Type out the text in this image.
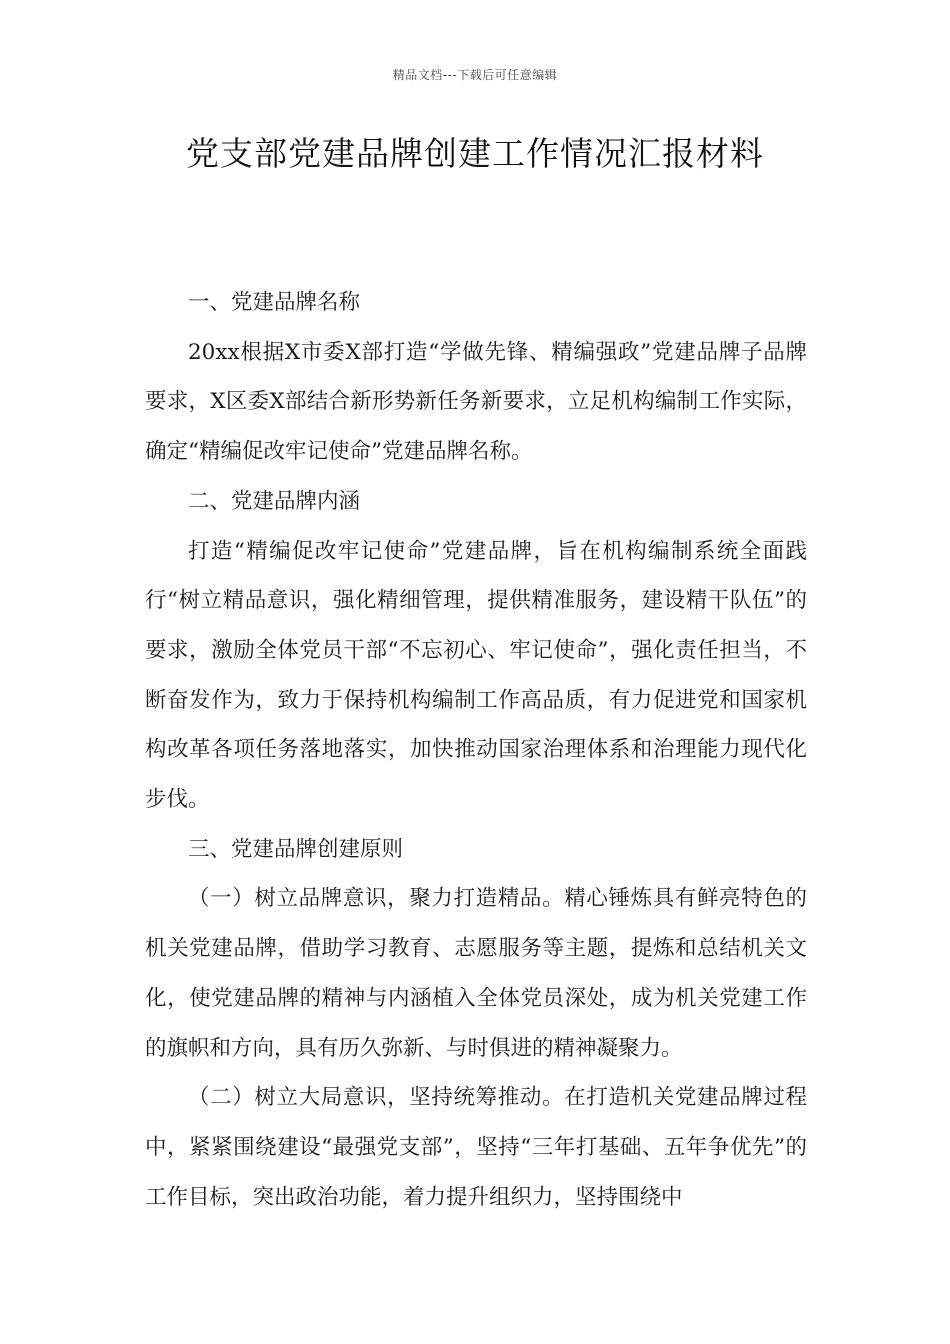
精品文档---下载后可任意编辑
党支部党建品牌创建工作情况汇报材料

一、党建品牌名称

20xx根据X市委X部打造“学做先锋、精编强政”党建品牌子品牌要求，X区委X部结合新形势新任务新要求，立足机构编制工作实际，确定“精编促改牢记使命”党建品牌名称。

二、党建品牌内涵

打造“精编促改牢记使命”党建品牌，旨在机构编制系统全面践行“树立精品意识，强化精细管理，提供精准服务，建设精干队伍”的要求，激励全体党员干部“不忘初心、牢记使命”，强化责任担当，不断奋发作为，致力于保持机构编制工作高品质，有力促进党和国家机构改革各项任务落地落实，加快推动国家治理体系和治理能力现代化步伐。

三、党建品牌创建原则

（一）树立品牌意识，聚力打造精品。精心锤炼具有鲜亮特色的机关党建品牌，借助学习教育、志愿服务等主题，提炼和总结机关文化，使党建品牌的精神与内涵植入全体党员深处，成为机关党建工作的旗帜和方向，具有历久弥新、与时俱进的精神凝聚力。

（二）树立大局意识，坚持统筹推动。在打造机关党建品牌过程中，紧紧围绕建设“最强党支部”，坚持“三年打基础、五年争优先”的工作目标，突出政治功能，着力提升组织力，坚持围绕中
